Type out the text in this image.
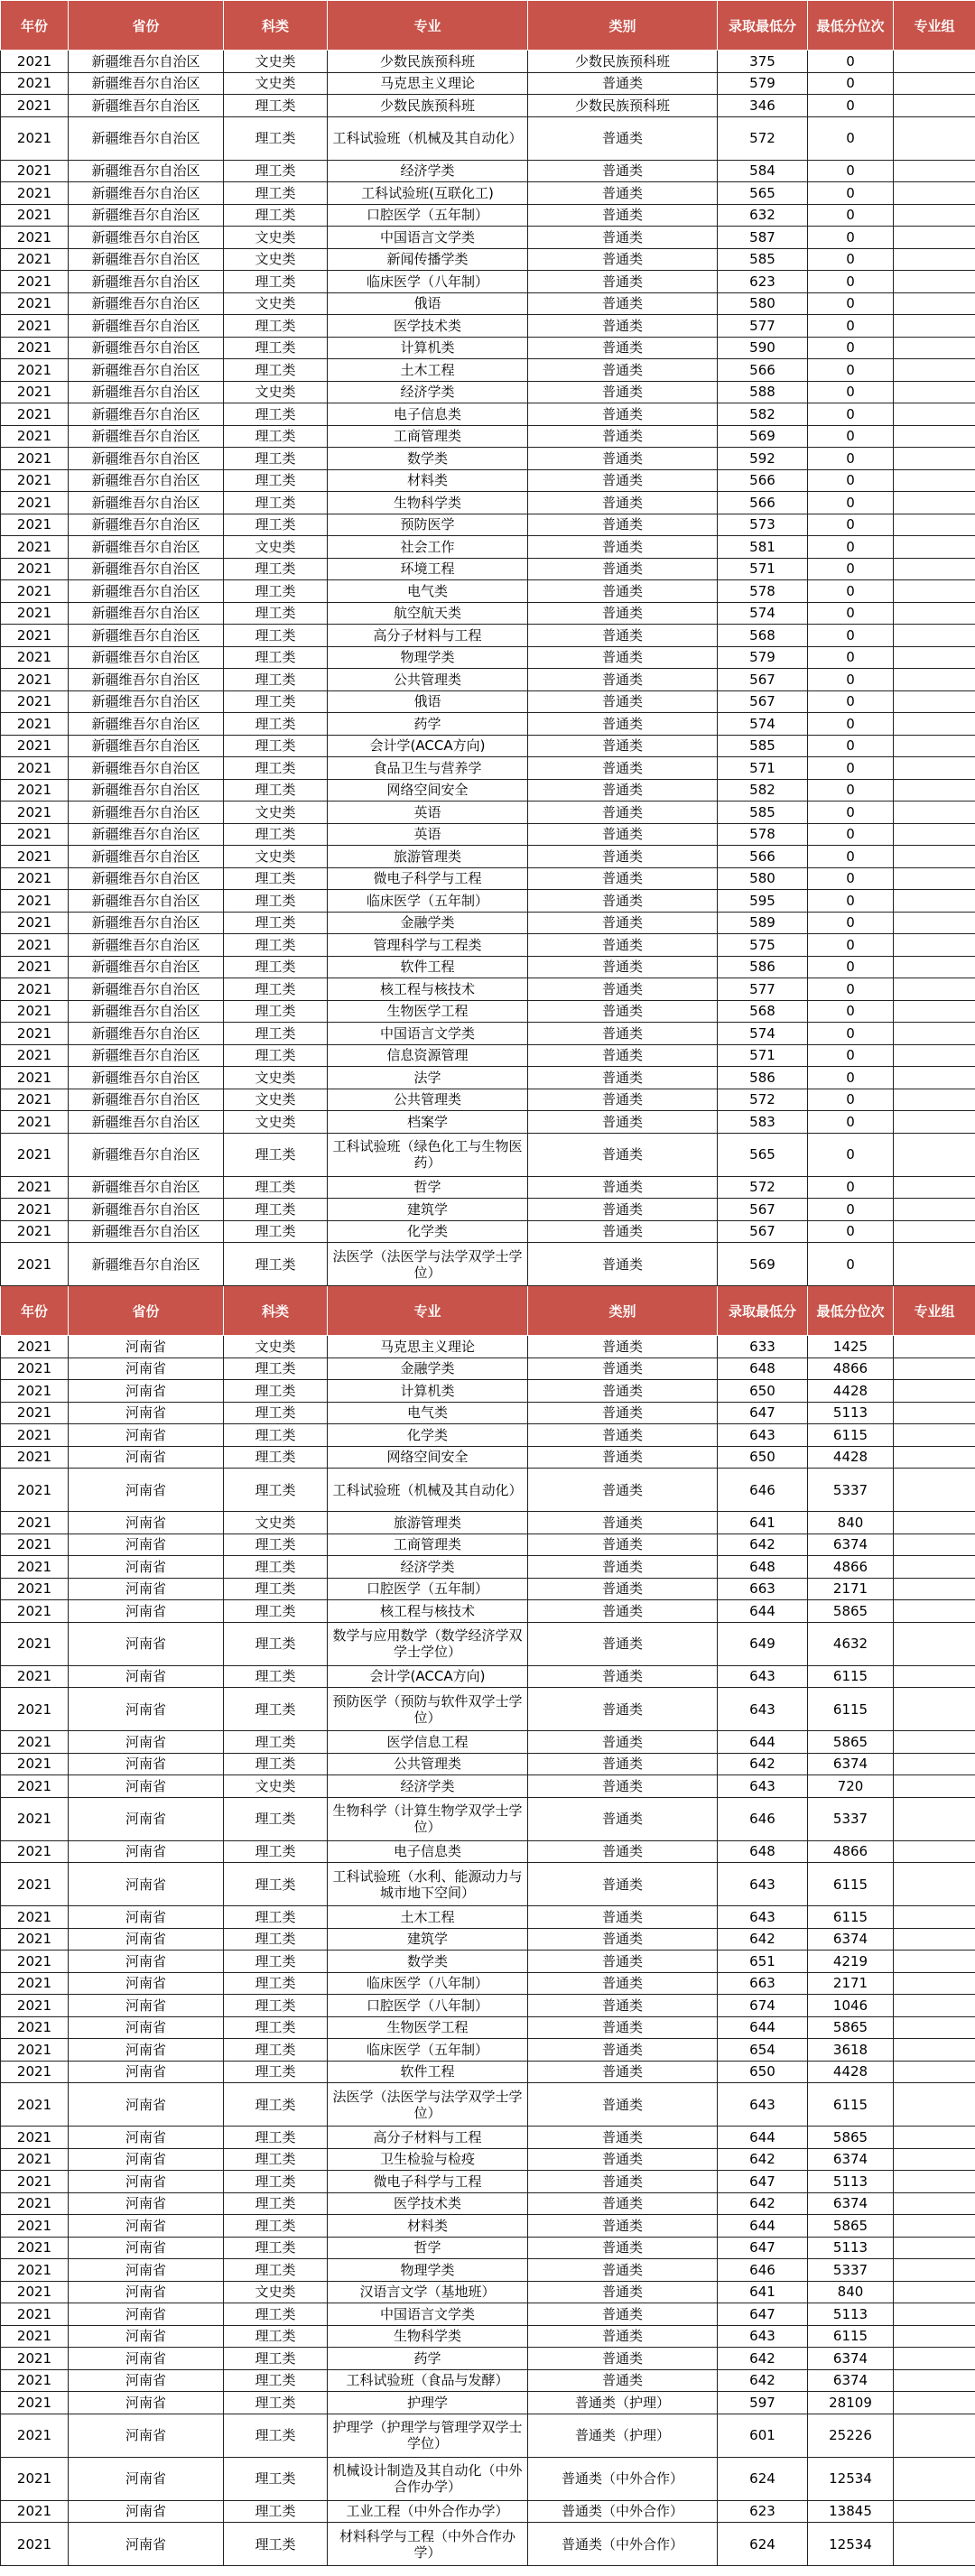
年份	省份	科类	专业	类别	录取最低分	最低分位次	专业组
2021	新疆维吾尔自治区	文史类	少数民族预科班	少数民族预科班	375	0	
2021	新疆维吾尔自治区	文史类	马克思主义理论	普通类	579	0	
2021	新疆维吾尔自治区	理工类	少数民族预科班	少数民族预科班	346	0	
2021	新疆维吾尔自治区	理工类	工科试验班（机械及其自动化）	普通类	572	0	
2021	新疆维吾尔自治区	理工类	经济学类	普通类	584	0	
2021	新疆维吾尔自治区	理工类	工科试验班(互联化工)	普通类	565	0	
2021	新疆维吾尔自治区	理工类	口腔医学（五年制）	普通类	632	0	
2021	新疆维吾尔自治区	文史类	中国语言文学类	普通类	587	0	
2021	新疆维吾尔自治区	文史类	新闻传播学类	普通类	585	0	
2021	新疆维吾尔自治区	理工类	临床医学（八年制）	普通类	623	0	
2021	新疆维吾尔自治区	文史类	俄语	普通类	580	0	
2021	新疆维吾尔自治区	理工类	医学技术类	普通类	577	0	
2021	新疆维吾尔自治区	理工类	计算机类	普通类	590	0	
2021	新疆维吾尔自治区	理工类	土木工程	普通类	566	0	
2021	新疆维吾尔自治区	文史类	经济学类	普通类	588	0	
2021	新疆维吾尔自治区	理工类	电子信息类	普通类	582	0	
2021	新疆维吾尔自治区	理工类	工商管理类	普通类	569	0	
2021	新疆维吾尔自治区	理工类	数学类	普通类	592	0	
2021	新疆维吾尔自治区	理工类	材料类	普通类	566	0	
2021	新疆维吾尔自治区	理工类	生物科学类	普通类	566	0	
2021	新疆维吾尔自治区	理工类	预防医学	普通类	573	0	
2021	新疆维吾尔自治区	文史类	社会工作	普通类	581	0	
2021	新疆维吾尔自治区	理工类	环境工程	普通类	571	0	
2021	新疆维吾尔自治区	理工类	电气类	普通类	578	0	
2021	新疆维吾尔自治区	理工类	航空航天类	普通类	574	0	
2021	新疆维吾尔自治区	理工类	高分子材料与工程	普通类	568	0	
2021	新疆维吾尔自治区	理工类	物理学类	普通类	579	0	
2021	新疆维吾尔自治区	理工类	公共管理类	普通类	567	0	
2021	新疆维吾尔自治区	理工类	俄语	普通类	567	0	
2021	新疆维吾尔自治区	理工类	药学	普通类	574	0	
2021	新疆维吾尔自治区	理工类	会计学(ACCA方向)	普通类	585	0	
2021	新疆维吾尔自治区	理工类	食品卫生与营养学	普通类	571	0	
2021	新疆维吾尔自治区	理工类	网络空间安全	普通类	582	0	
2021	新疆维吾尔自治区	文史类	英语	普通类	585	0	
2021	新疆维吾尔自治区	理工类	英语	普通类	578	0	
2021	新疆维吾尔自治区	文史类	旅游管理类	普通类	566	0	
2021	新疆维吾尔自治区	理工类	微电子科学与工程	普通类	580	0	
2021	新疆维吾尔自治区	理工类	临床医学（五年制）	普通类	595	0	
2021	新疆维吾尔自治区	理工类	金融学类	普通类	589	0	
2021	新疆维吾尔自治区	理工类	管理科学与工程类	普通类	575	0	
2021	新疆维吾尔自治区	理工类	软件工程	普通类	586	0	
2021	新疆维吾尔自治区	理工类	核工程与核技术	普通类	577	0	
2021	新疆维吾尔自治区	理工类	生物医学工程	普通类	568	0	
2021	新疆维吾尔自治区	理工类	中国语言文学类	普通类	574	0	
2021	新疆维吾尔自治区	理工类	信息资源管理	普通类	571	0	
2021	新疆维吾尔自治区	文史类	法学	普通类	586	0	
2021	新疆维吾尔自治区	文史类	公共管理类	普通类	572	0	
2021	新疆维吾尔自治区	文史类	档案学	普通类	583	0	
2021	新疆维吾尔自治区	理工类	工科试验班（绿色化工与生物医药）	普通类	565	0	
2021	新疆维吾尔自治区	理工类	哲学	普通类	572	0	
2021	新疆维吾尔自治区	理工类	建筑学	普通类	567	0	
2021	新疆维吾尔自治区	理工类	化学类	普通类	567	0	
2021	新疆维吾尔自治区	理工类	法医学（法医学与法学双学士学位）	普通类	569	0	
年份	省份	科类	专业	类别	录取最低分	最低分位次	专业组
2021	河南省	文史类	马克思主义理论	普通类	633	1425	
2021	河南省	理工类	金融学类	普通类	648	4866	
2021	河南省	理工类	计算机类	普通类	650	4428	
2021	河南省	理工类	电气类	普通类	647	5113	
2021	河南省	理工类	化学类	普通类	643	6115	
2021	河南省	理工类	网络空间安全	普通类	650	4428	
2021	河南省	理工类	工科试验班（机械及其自动化）	普通类	646	5337	
2021	河南省	文史类	旅游管理类	普通类	641	840	
2021	河南省	理工类	工商管理类	普通类	642	6374	
2021	河南省	理工类	经济学类	普通类	648	4866	
2021	河南省	理工类	口腔医学（五年制）	普通类	663	2171	
2021	河南省	理工类	核工程与核技术	普通类	644	5865	
2021	河南省	理工类	数学与应用数学（数学经济学双学士学位）	普通类	649	4632	
2021	河南省	理工类	会计学(ACCA方向)	普通类	643	6115	
2021	河南省	理工类	预防医学（预防与软件双学士学位）	普通类	643	6115	
2021	河南省	理工类	医学信息工程	普通类	644	5865	
2021	河南省	理工类	公共管理类	普通类	642	6374	
2021	河南省	文史类	经济学类	普通类	643	720	
2021	河南省	理工类	生物科学（计算生物学双学士学位）	普通类	646	5337	
2021	河南省	理工类	电子信息类	普通类	648	4866	
2021	河南省	理工类	工科试验班（水利、能源动力与城市地下空间）	普通类	643	6115	
2021	河南省	理工类	土木工程	普通类	643	6115	
2021	河南省	理工类	建筑学	普通类	642	6374	
2021	河南省	理工类	数学类	普通类	651	4219	
2021	河南省	理工类	临床医学（八年制）	普通类	663	2171	
2021	河南省	理工类	口腔医学（八年制）	普通类	674	1046	
2021	河南省	理工类	生物医学工程	普通类	644	5865	
2021	河南省	理工类	临床医学（五年制）	普通类	654	3618	
2021	河南省	理工类	软件工程	普通类	650	4428	
2021	河南省	理工类	法医学（法医学与法学双学士学位）	普通类	643	6115	
2021	河南省	理工类	高分子材料与工程	普通类	644	5865	
2021	河南省	理工类	卫生检验与检疫	普通类	642	6374	
2021	河南省	理工类	微电子科学与工程	普通类	647	5113	
2021	河南省	理工类	医学技术类	普通类	642	6374	
2021	河南省	理工类	材料类	普通类	644	5865	
2021	河南省	理工类	哲学	普通类	647	5113	
2021	河南省	理工类	物理学类	普通类	646	5337	
2021	河南省	文史类	汉语言文学（基地班）	普通类	641	840	
2021	河南省	理工类	中国语言文学类	普通类	647	5113	
2021	河南省	理工类	生物科学类	普通类	643	6115	
2021	河南省	理工类	药学	普通类	642	6374	
2021	河南省	理工类	工科试验班（食品与发酵）	普通类	642	6374	
2021	河南省	理工类	护理学	普通类（护理）	597	28109	
2021	河南省	理工类	护理学（护理学与管理学双学士学位）	普通类（护理）	601	25226	
2021	河南省	理工类	机械设计制造及其自动化（中外合作办学）	普通类（中外合作）	624	12534	
2021	河南省	理工类	工业工程（中外合作办学）	普通类（中外合作）	623	13845	
2021	河南省	理工类	材料科学与工程（中外合作办学）	普通类（中外合作）	624	12534	
